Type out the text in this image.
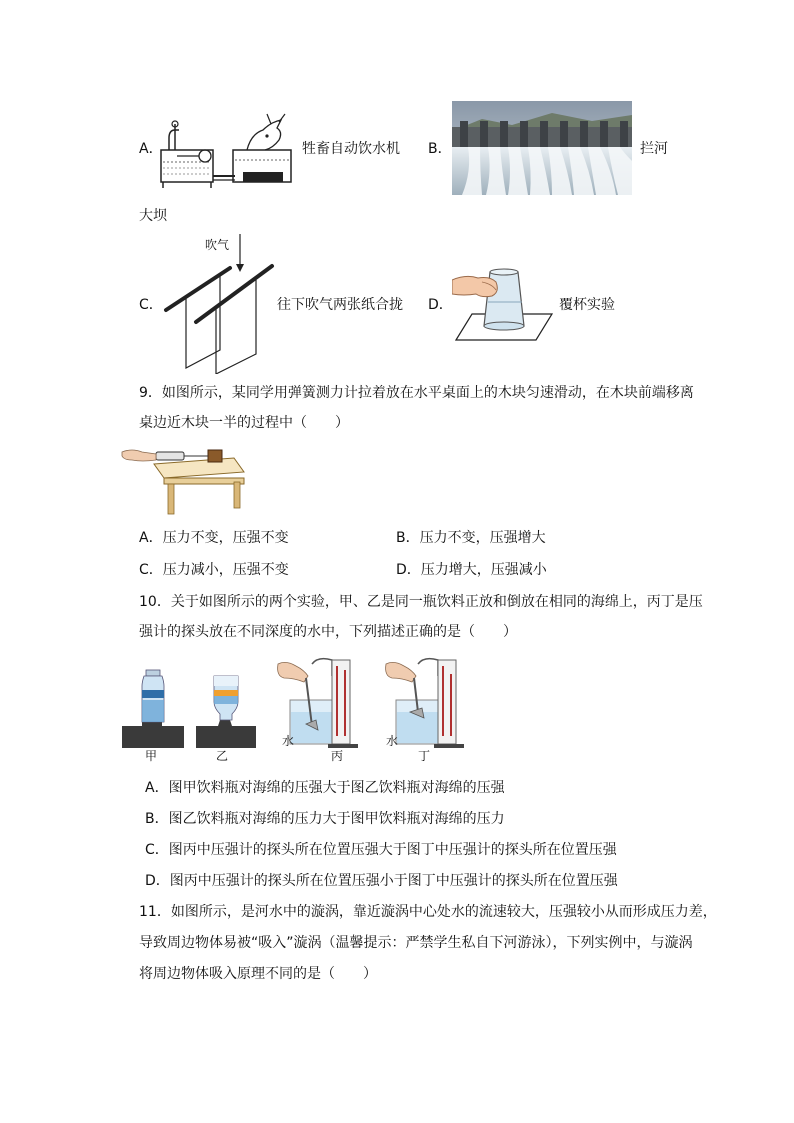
A．	牲畜自动饮水机 B．	拦河
大坝
C．
吹气
往下吹气两张纸合拢 D．	覆杯实验
9．如图所示，某同学用弹簧测力计拉着放在水平桌面上的木块匀速滑动，在木块前端移离
桌边近木块一半的过程中（　　）
A．压力不变，压强不变	B．压力不变，压强增大
C．压力减小，压强不变	D．压力增大，压强减小
10．关于如图所示的两个实验，甲、乙是同一瓶饮料正放和倒放在相同的海绵上，丙丁是压
强计的探头放在不同深度的水中，下列描述正确的是（　　）
甲	乙
水
丙
水
丁
A．图甲饮料瓶对海绵的压强大于图乙饮料瓶对海绵的压强
B．图乙饮料瓶对海绵的压力大于图甲饮料瓶对海绵的压力
C．图丙中压强计的探头所在位置压强大于图丁中压强计的探头所在位置压强
D．图丙中压强计的探头所在位置压强小于图丁中压强计的探头所在位置压强
11．如图所示，是河水中的漩涡，靠近漩涡中心处水的流速较大，压强较小从而形成压力差，
导致周边物体易被“吸入”漩涡（温馨提示：严禁学生私自下河游泳），下列实例中，与漩涡
将周边物体吸入原理不同的是（　　）
